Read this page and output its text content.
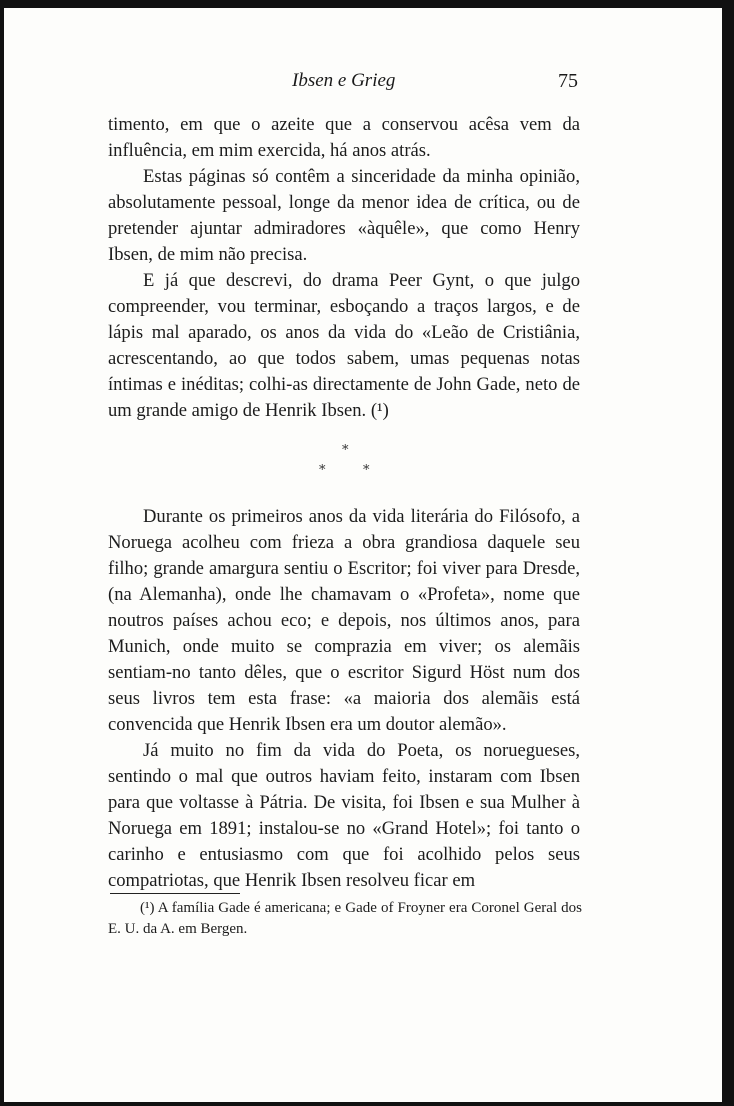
Ibsen e Grieg	75

timento, em que o azeite que a conservou acêsa vem da influência, em mim exercida, há anos atrás.

Estas páginas só contêm a sinceridade da minha opinião, absolutamente pessoal, longe da menor idea de crítica, ou de pretender ajuntar admiradores «àquêle», que como Henry Ibsen, de mim não precisa.

E já que descrevi, do drama Peer Gynt, o que julgo compreender, vou terminar, esboçando a traços largos, e de lápis mal aparado, os anos da vida do «Leão de Cristiânia, acrescentando, ao que todos sabem, umas pequenas notas íntimas e inéditas; colhi-as directamente de John Gade, neto de um grande amigo de Henrik Ibsen. (¹)

*
*	*

Durante os primeiros anos da vida literária do Filósofo, a Noruega acolheu com frieza a obra grandiosa daquele seu filho; grande amargura sentiu o Escritor; foi viver para Dresde, (na Alemanha), onde lhe chamavam o «Profeta», nome que noutros países achou eco; e depois, nos últimos anos, para Munich, onde muito se comprazia em viver; os alemãis sentiam-no tanto dêles, que o escritor Sigurd Höst num dos seus livros tem esta frase: «a maioria dos alemãis está convencida que Henrik Ibsen era um doutor alemão».

Já muito no fim da vida do Poeta, os noruegueses, sentindo o mal que outros haviam feito, instaram com Ibsen para que voltasse à Pátria. De visita, foi Ibsen e sua Mulher à Noruega em 1891; instalou-se no «Grand Hotel»; foi tanto o carinho e entusiasmo com que foi acolhido pelos seus compatriotas, que Henrik Ibsen resolveu ficar em

(¹) A família Gade é americana; e Gade of Froyner era Coronel Geral dos E. U. da A. em Bergen.
